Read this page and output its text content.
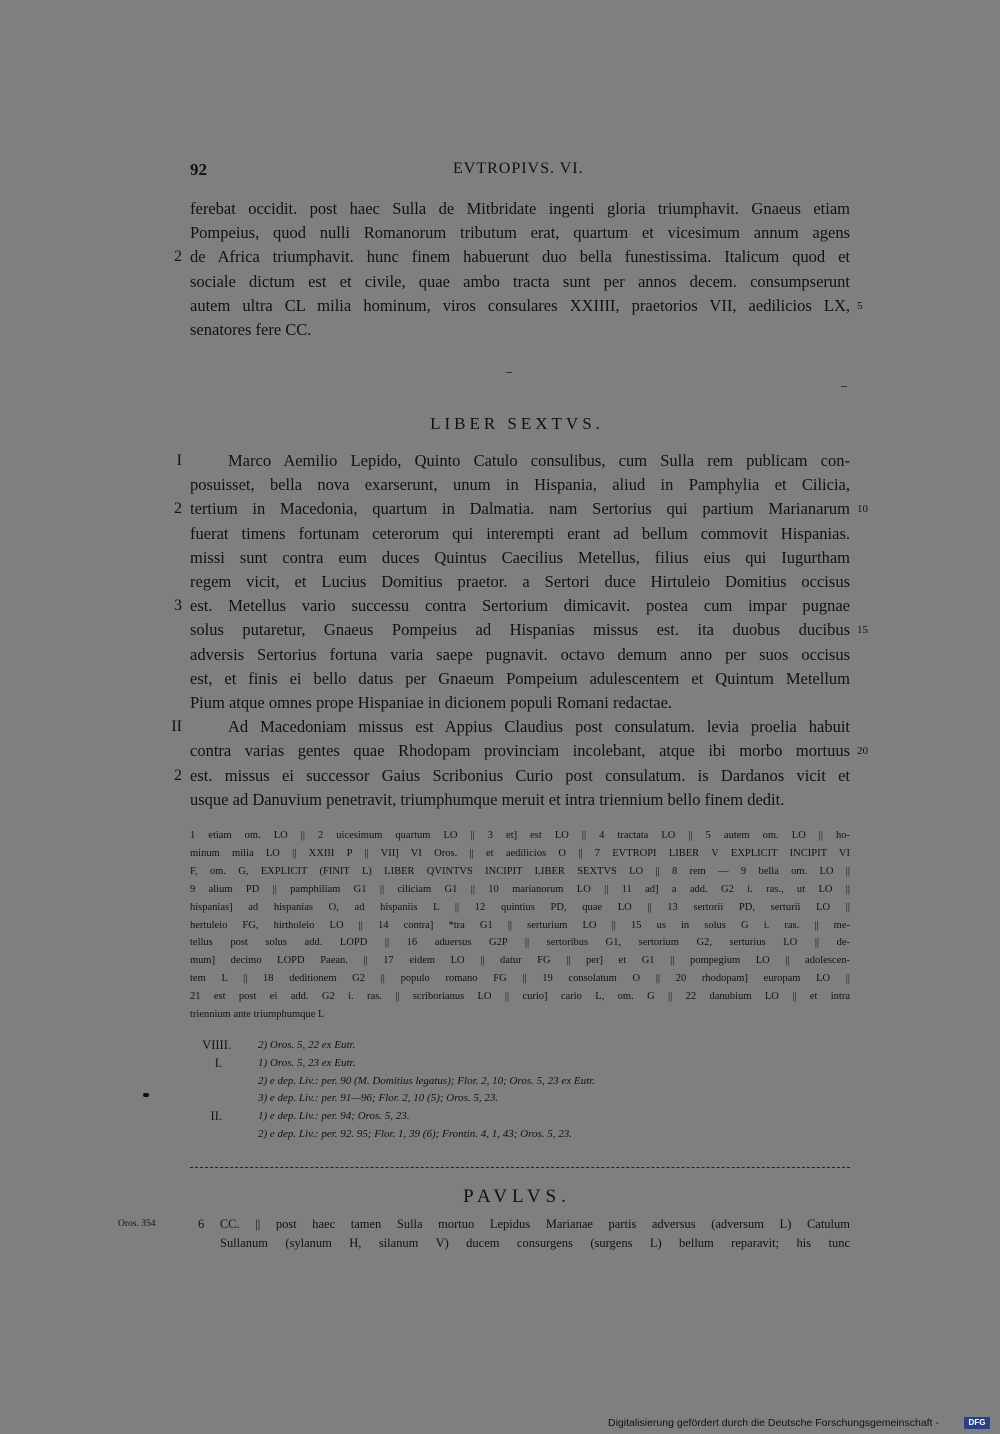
92	EVTROPIVS. VI.
ferebat occidit. post haec Sulla de Mitbridate ingenti gloria triumphavit. Gnaeus etiam
Pompeius, quod nulli Romanorum tributum erat, quartum et vicesimum annum agens
de Africa triumphavit. hunc finem habuerunt duo bella funestissima. Italicum quod et
2
sociale dictum est et civile, quae ambo tracta sunt per annos decem. consumpserunt
autem ultra CL milia hominum, viros consulares XXIIII, praetorios VII, aedilicios LX, 5
senatores fere CC.
LIBER SEXTVS.
Marco Aemilio Lepido, Quinto Catulo consulibus, cum Sulla rem publicam con-
I
posuisset, bella nova exarserunt, unum in Hispania, aliud in Pamphylia et Cilicia,
tertium in Macedonia, quartum in Dalmatia. nam Sertorius qui partium Marianarum
2	10
fuerat timens fortunam ceterorum qui interempti erant ad bellum commovit Hispanias.
missi sunt contra eum duces Quintus Caecilius Metellus, filius eius qui Iugurtham
regem vicit, et Lucius Domitius praetor. a Sertori duce Hirtuleio Domitius occisus
est. Metellus vario successu contra Sertorium dimicavit. postea cum impar pugnae
3
solus putaretur, Gnaeus Pompeius ad Hispanias missus est. ita duobus ducibus 15
adversis Sertorius fortuna varia saepe pugnavit. octavo demum anno per suos occisus
est, et finis ei bello datus per Gnaeum Pompeium adulescentem et Quintum Metellum
Pium atque omnes prope Hispaniae in dicionem populi Romani redactae.
Ad Macedoniam missus est Appius Claudius post consulatum. levia proelia habuit
II
contra varias gentes quae Rhodopam provinciam incolebant, atque ibi morbo mortuus 20
est. missus ei successor Gaius Scribonius Curio post consulatum. is Dardanos vicit et
2
usque ad Danuvium penetravit, triumphumque meruit et intra triennium bello finem dedit.
1 etiam om. LO || 2 uicesimum quartum LO || 3 et] est LO || 4 tractata LO || 5 autem om. LO || ho-
minum milia LO || XXIII P || VII] VI Oros. || et aedilicios O || 7 EVTROPI LIBER V EXPLICIT INCIPIT VI
F, om. G, EXPLICIT (FINIT L) LIBER QVINTVS INCIPIT LIBER SEXTVS LO || 8 rem — 9 bella om. LO ||
9 alium PD || pamphiliam G1 || ciliciam G1 || 10 marianorum LO || 11 ad] a add. G2 i. ras., ut LO ||
hispanias] ad hispanias O, ad hispaniis L || 12 quintius PD, quae LO || 13 sertorii PD, serturii LO ||
hertuleio FG, hirtholeio LO || 14 contra] *tra G1 || serturium LO || 15 us in solus G i. ras. || me-
tellus post solus add. LOPD || 16 aduersus G2P || sertoribus G1, sertorium G2, serturius LO || de-
mum] decimo LOPD Paean. || 17 eidem LO || datur FG || per] et G1 || pompegium LO || adolescen-
tem L || 18 deditionem G2 || populo romano FG || 19 consolatum O || 20 rhodopam] europam LO ||
21 est post ei add. G2 i. ras. || scriborianus LO || curio] cario L, om. G || 22 danubium LO || et intra
triennium ante triumphumque L
VIIII. 2) Oros. 5, 22 ex Eutr.
I.	1) Oros. 5, 23 ex Eutr.
2) e dep. Liv.: per. 90 (M. Domitius legatus); Flor. 2, 10; Oros. 5, 23 ex Eutr.
3) e dep. Liv.: per. 91—96; Flor. 2, 10 (5); Oros. 5, 23.
II.	1) e dep. Liv.: per. 94; Oros. 5, 23.
2) e dep. Liv.: per. 92. 95; Flor. 1, 39 (6); Frontin. 4, 1, 43; Oros. 5, 23.
PAVLVS.
Oros. 354	6 CC. || post haec tamen Sulla mortuo Lepidus Marianae partis adversus (adversum L) Catulum
Sullanum (sylanum H, silanum V) ducem consurgens (surgens L) bellum reparavit; his tunc
Digitalisierung gefördert durch die Deutsche Forschungsgemeinschaft -	DFG
